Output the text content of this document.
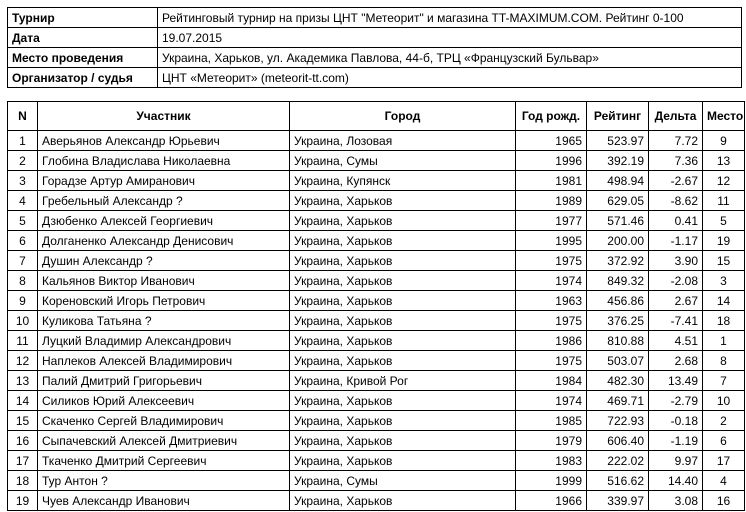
Турнир	Рейтинговый турнир на призы ЦНТ "Метеорит" и магазина TT-MAXIMUM.COM. Рейтинг 0-100
Дата	19.07.2015
Место проведения	Украина, Харьков, ул. Академика Павлова, 44-б, ТРЦ «Французский Бульвар»
Организатор / судья	ЦНТ «Метеорит» (meteorit-tt.com)
N	Участник	Город	Год рожд.	Рейтинг	Дельта	Место
1	Аверьянов Александр Юрьевич	Украина, Лозовая	1965	523.97	7.72	9
2	Глобина Владислава Николаевна	Украина, Сумы	1996	392.19	7.36	13
3	Горадзе Артур Амиранович	Украина, Купянск	1981	498.94	-2.67	12
4	Гребельный Александр ?	Украина, Харьков	1989	629.05	-8.62	11
5	Дзюбенко Алексей Георгиевич	Украина, Харьков	1977	571.46	0.41	5
6	Долганенко Александр Денисович	Украина, Харьков	1995	200.00	-1.17	19
7	Душин Александр ?	Украина, Харьков	1975	372.92	3.90	15
8	Кальянов Виктор Иванович	Украина, Харьков	1974	849.32	-2.08	3
9	Кореновский Игорь Петрович	Украина, Харьков	1963	456.86	2.67	14
10	Куликова Татьяна ?	Украина, Харьков	1975	376.25	-7.41	18
11	Луцкий Владимир Александрович	Украина, Харьков	1986	810.88	4.51	1
12	Наплеков Алексей Владимирович	Украина, Харьков	1975	503.07	2.68	8
13	Палий Дмитрий Григорьевич	Украина, Кривой Рог	1984	482.30	13.49	7
14	Силиков Юрий Алексеевич	Украина, Харьков	1974	469.71	-2.79	10
15	Скаченко Сергей Владимирович	Украина, Харьков	1985	722.93	-0.18	2
16	Сыпачевский Алексей Дмитриевич	Украина, Харьков	1979	606.40	-1.19	6
17	Ткаченко Дмитрий Сергеевич	Украина, Харьков	1983	222.02	9.97	17
18	Тур Антон ?	Украина, Сумы	1999	516.62	14.40	4
19	Чуев Александр Иванович	Украина, Харьков	1966	339.97	3.08	16
